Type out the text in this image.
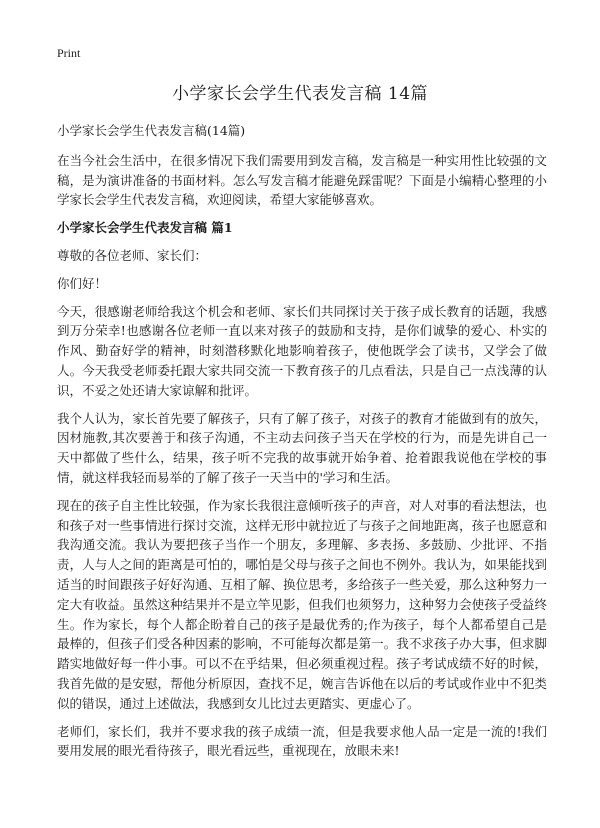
Print
小学家长会学生代表发言稿 14篇

小学家长会学生代表发言稿(14篇)

在当今社会生活中，在很多情况下我们需要用到发言稿，发言稿是一种实用性比较强的文稿，是为演讲准备的书面材料。怎么写发言稿才能避免踩雷呢？下面是小编精心整理的小学家长会学生代表发言稿，欢迎阅读，希望大家能够喜欢。

小学家长会学生代表发言稿 篇1

尊敬的各位老师、家长们：

你们好！

今天，很感谢老师给我这个机会和老师、家长们共同探讨关于孩子成长教育的话题，我感到万分荣幸!也感谢各位老师一直以来对孩子的鼓励和支持，是你们诚挚的爱心、朴实的作风、勤奋好学的精神，时刻潜移默化地影响着孩子，使他既学会了读书，又学会了做人。今天我受老师委托跟大家共同交流一下教育孩子的几点看法，只是自己一点浅薄的认识，不妥之处还请大家谅解和批评。

我个人认为，家长首先要了解孩子，只有了解了孩子，对孩子的教育才能做到有的放矢，因材施教,其次要善于和孩子沟通，不主动去问孩子当天在学校的行为，而是先讲自己一天中都做了些什么，结果，孩子听不完我的故事就开始争着、抢着跟我说他在学校的事情，就这样我轻而易举的了解了孩子一天当中的'学习和生活。

现在的孩子自主性比较强，作为家长我很注意倾听孩子的声音，对人对事的看法想法，也和孩子对一些事情进行探讨交流，这样无形中就拉近了与孩子之间地距离，孩子也愿意和我沟通交流。我认为要把孩子当作一个朋友，多理解、多表扬、多鼓励、少批评、不指责，人与人之间的距离是可怕的，哪怕是父母与孩子之间也不例外。我认为，如果能找到适当的时间跟孩子好好沟通、互相了解、换位思考，多给孩子一些关爱，那么这种努力一定大有收益。虽然这种结果并不是立竿见影，但我们也须努力，这种努力会使孩子受益终生。作为家长，每个人都企盼着自己的孩子是最优秀的;作为孩子，每个人都希望自己是最棒的，但孩子们受各种因素的影响，不可能每次都是第一。我不求孩子办大事，但求脚踏实地做好每一件小事。可以不在乎结果，但必须重视过程。孩子考试成绩不好的时候，我首先做的是安慰，帮他分析原因，查找不足，婉言告诉他在以后的考试或作业中不犯类似的错误，通过上述做法，我感到女儿比过去更踏实、更虚心了。

老师们，家长们，我并不要求我的孩子成绩一流，但是我要求他人品一定是一流的!我们要用发展的眼光看待孩子，眼光看远些，重视现在，放眼未来!
